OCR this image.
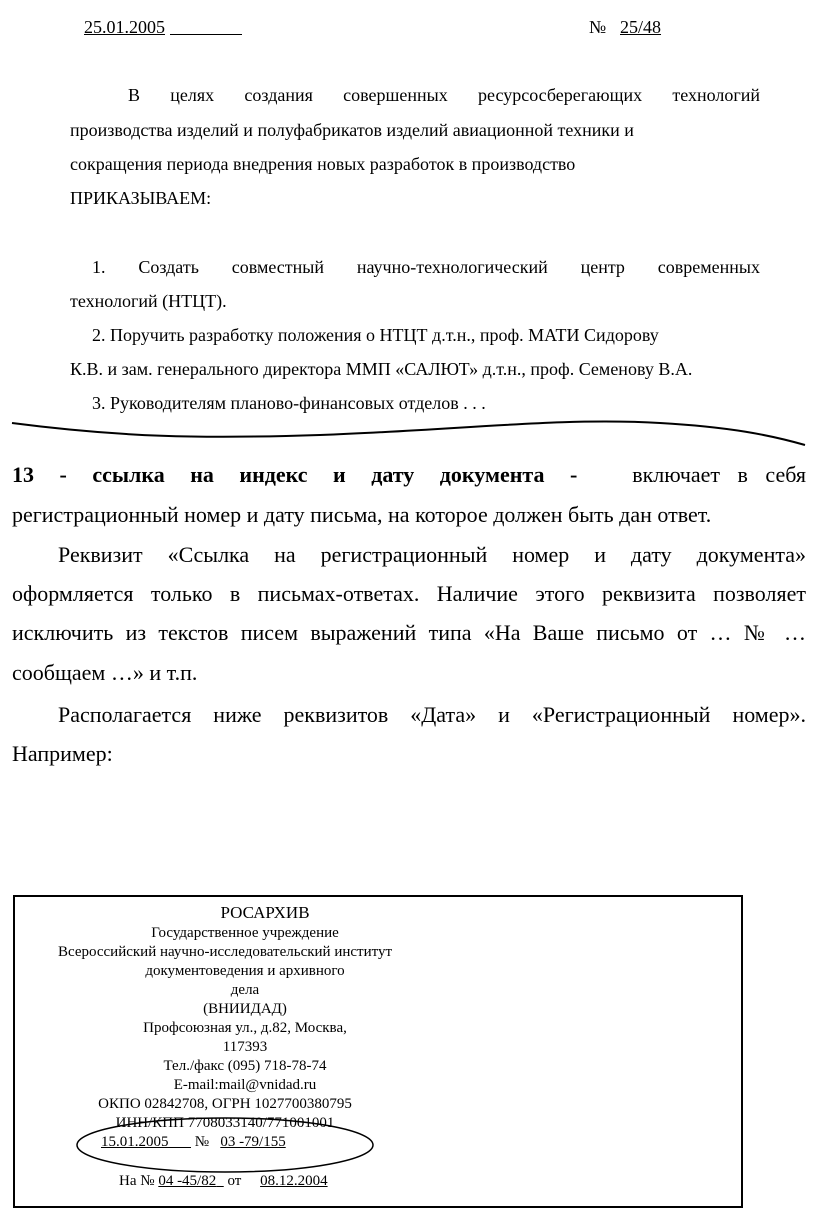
25.01.2005
	№ 25/48
В целях создания совершенных ресурсосберегающих технологий
производства изделий и полуфабрикатов изделий авиационной техники и
сокращения периода внедрения новых разработок в производство
ПРИКАЗЫВАЕМ:
1. Создать совместный научно-технологический центр современных
технологий (НТЦТ).
2. Поручить разработку положения о НТЦТ д.т.н., проф. МАТИ Сидорову
К.В. и зам. генерального директора ММП «САЛЮТ» д.т.н., проф. Семенову В.А.
3. Руководителям планово-финансовых отделов . . .
13 - ссылка на индекс и дату документа - включает в себя
регистрационный номер и дату письма, на которое должен быть дан ответ.
Реквизит «Ссылка на регистрационный номер и дату документа»
оформляется только в письмах-ответах. Наличие этого реквизита позволяет
исключить из текстов писем выражений типа «На Ваше письмо от … № …
сообщаем …» и т.п.
Располагается ниже реквизитов «Дата» и «Регистрационный номер».
Например:
РОСАРХИВ
Государственное учреждение
Всероссийский научно-исследовательский институт
документоведения и архивного
дела
(ВНИИДАД)
Профсоюзная ул., д.82, Москва,
117393
Тел./факс (095) 718-78-74
E-mail:mail@vnidad.ru
ОКПО 02842708, ОГРН 1027700380795
ИНН/КПП 7708033140/771001001
15.01.2005 № 03 -79/155
На № 04 -45/82 от 08.12.2004
